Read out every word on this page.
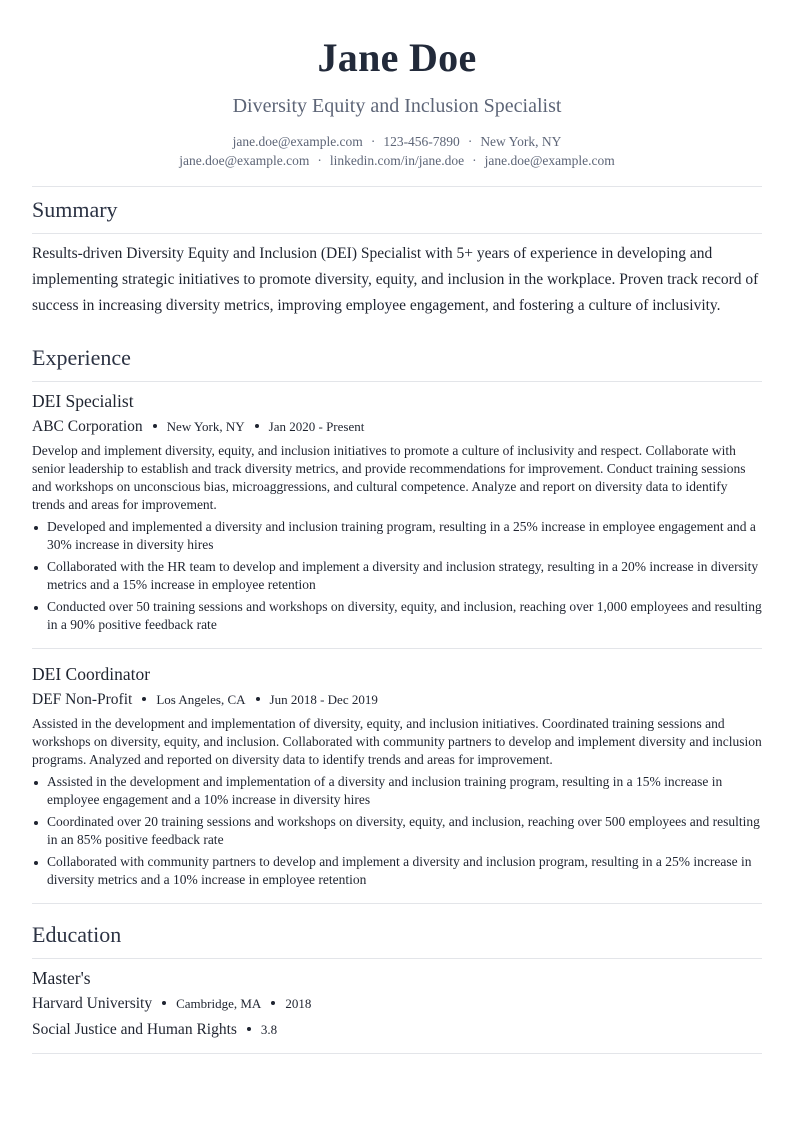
Jane Doe
Diversity Equity and Inclusion Specialist
jane.doe@example.com · 123-456-7890 · New York, NY
jane.doe@example.com · linkedin.com/in/jane.doe · jane.doe@example.com
Summary
Results-driven Diversity Equity and Inclusion (DEI) Specialist with 5+ years of experience in developing and implementing strategic initiatives to promote diversity, equity, and inclusion in the workplace. Proven track record of success in increasing diversity metrics, improving employee engagement, and fostering a culture of inclusivity.
Experience
DEI Specialist
ABC Corporation New York, NY Jan 2020 - Present
Develop and implement diversity, equity, and inclusion initiatives to promote a culture of inclusivity and respect. Collaborate with senior leadership to establish and track diversity metrics, and provide recommendations for improvement. Conduct training sessions and workshops on unconscious bias, microaggressions, and cultural competence. Analyze and report on diversity data to identify trends and areas for improvement.
Developed and implemented a diversity and inclusion training program, resulting in a 25% increase in employee engagement and a 30% increase in diversity hires
Collaborated with the HR team to develop and implement a diversity and inclusion strategy, resulting in a 20% increase in diversity metrics and a 15% increase in employee retention
Conducted over 50 training sessions and workshops on diversity, equity, and inclusion, reaching over 1,000 employees and resulting in a 90% positive feedback rate
DEI Coordinator
DEF Non-Profit Los Angeles, CA Jun 2018 - Dec 2019
Assisted in the development and implementation of diversity, equity, and inclusion initiatives. Coordinated training sessions and workshops on diversity, equity, and inclusion. Collaborated with community partners to develop and implement diversity and inclusion programs. Analyzed and reported on diversity data to identify trends and areas for improvement.
Assisted in the development and implementation of a diversity and inclusion training program, resulting in a 15% increase in employee engagement and a 10% increase in diversity hires
Coordinated over 20 training sessions and workshops on diversity, equity, and inclusion, reaching over 500 employees and resulting in an 85% positive feedback rate
Collaborated with community partners to develop and implement a diversity and inclusion program, resulting in a 25% increase in diversity metrics and a 10% increase in employee retention
Education
Master's
Harvard University Cambridge, MA 2018
Social Justice and Human Rights 3.8
